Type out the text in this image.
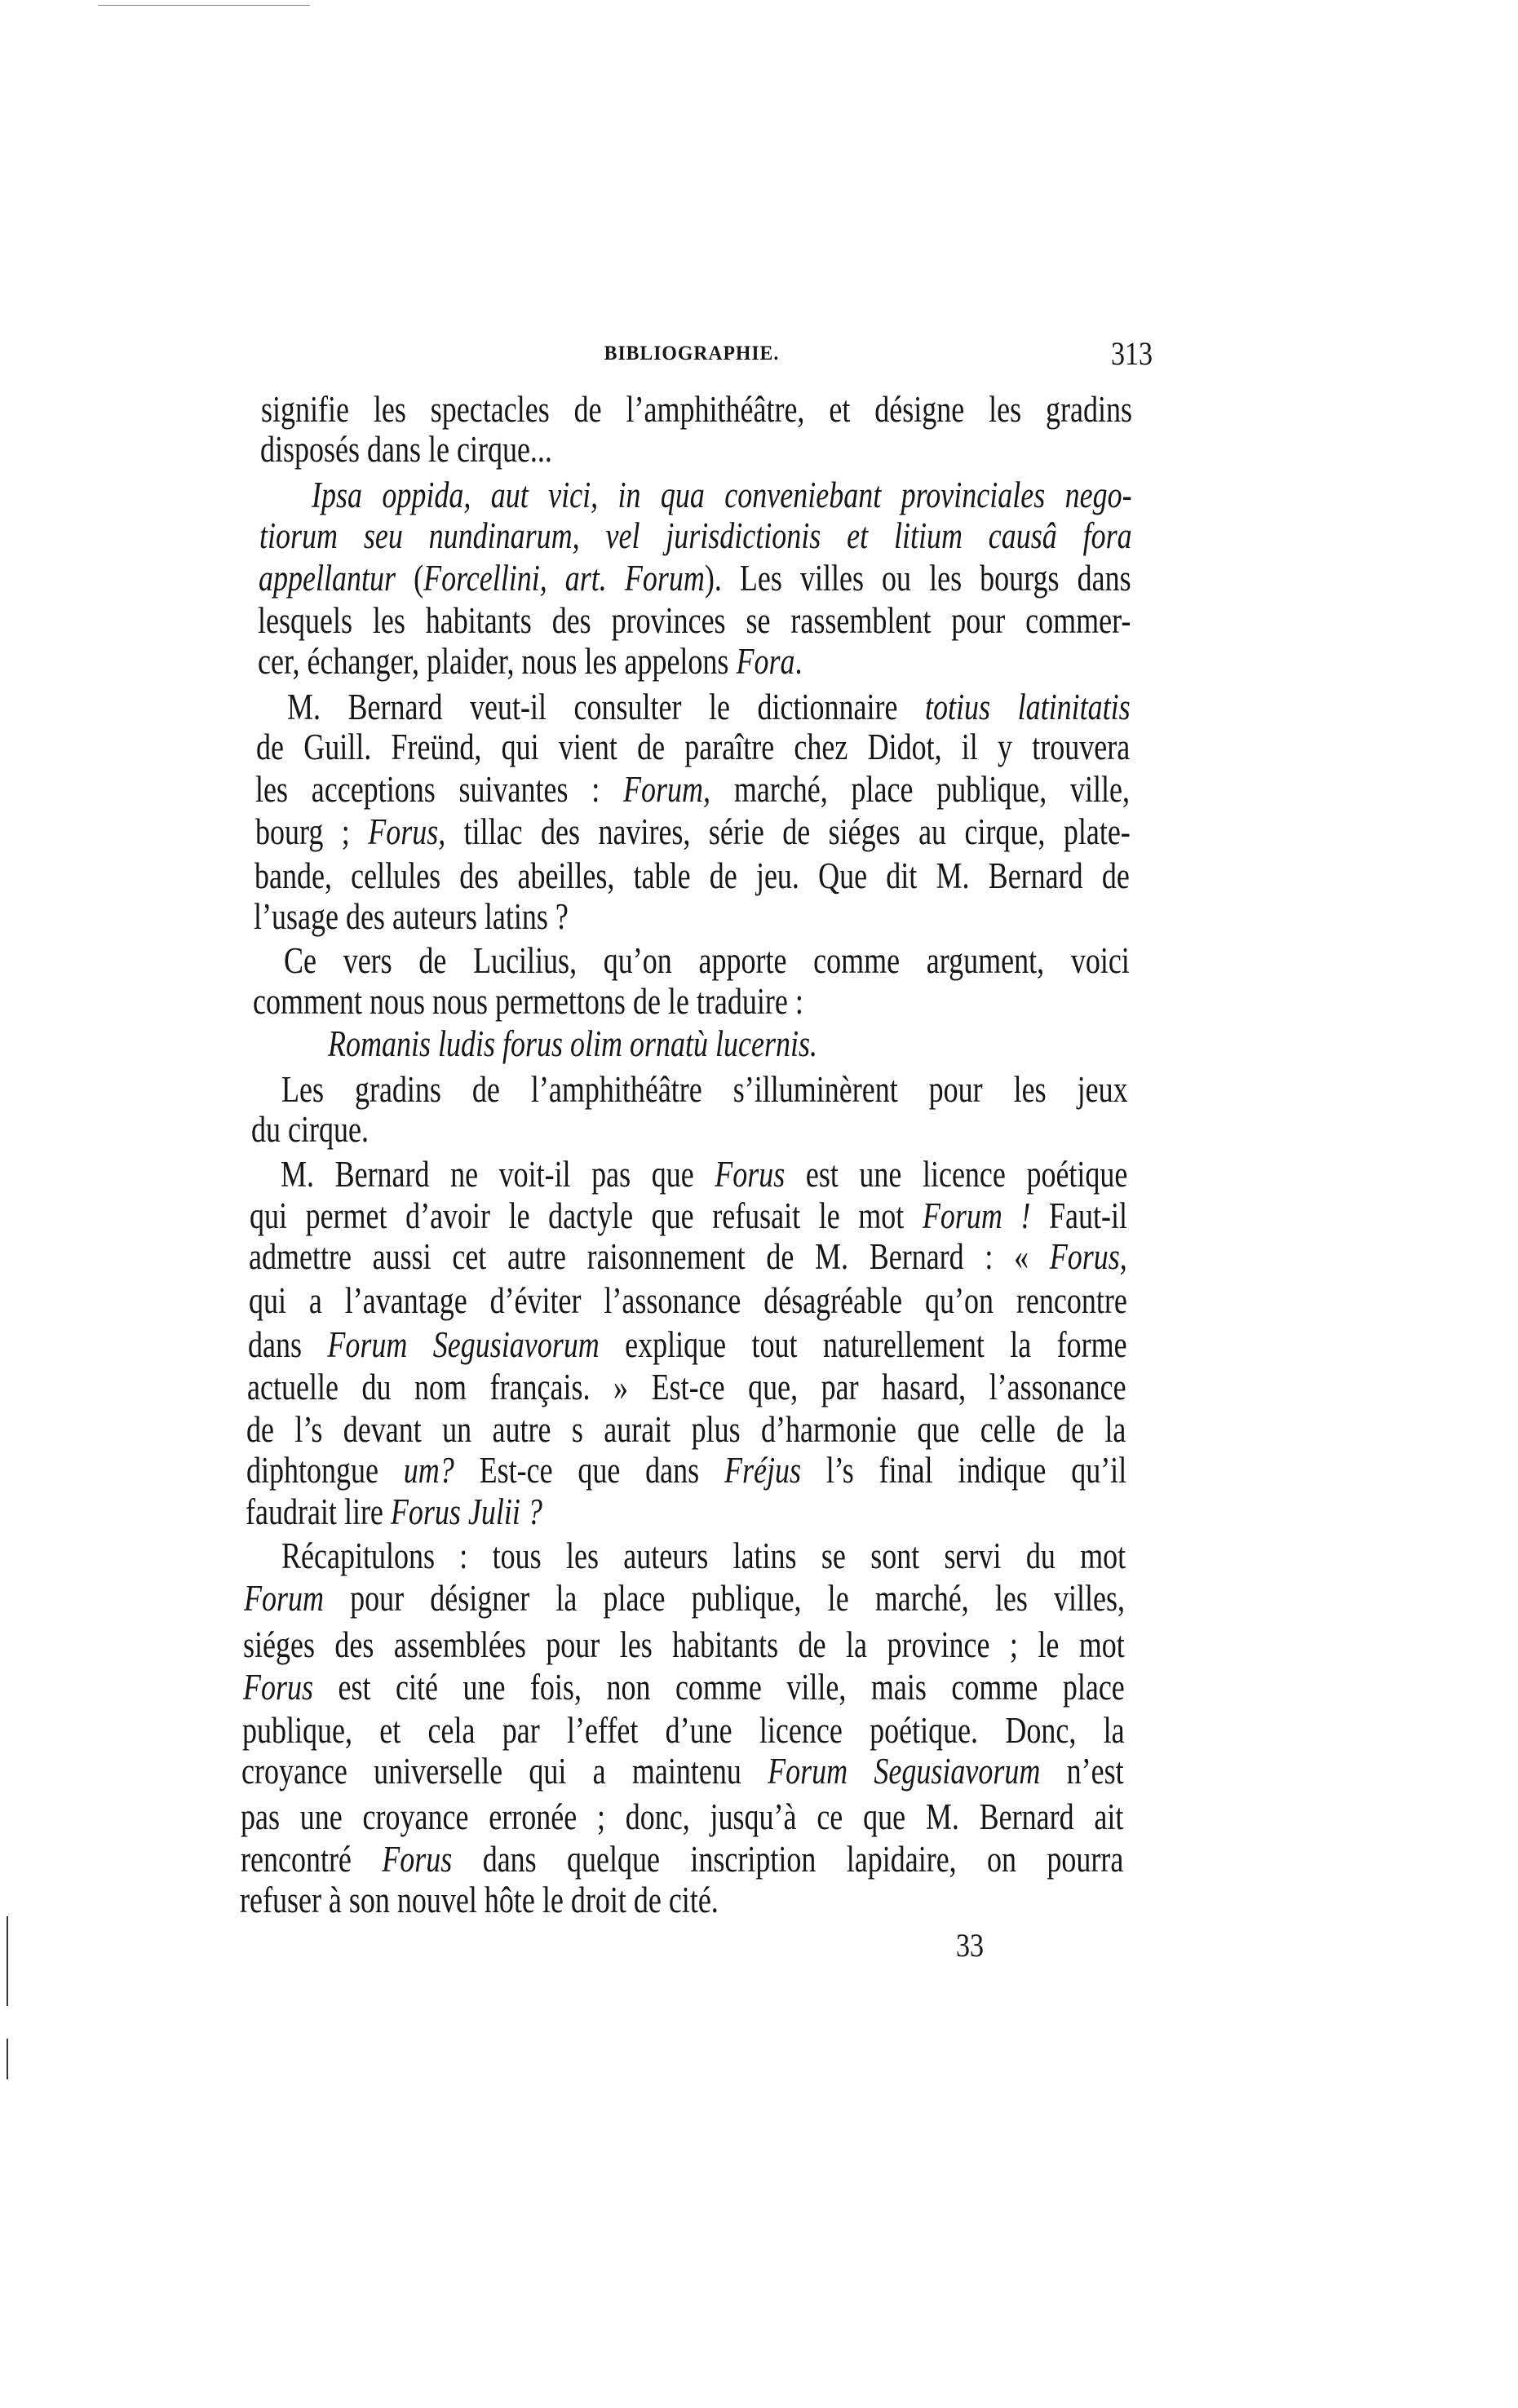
BIBLIOGRAPHIE.	313
signifie les spectacles de l’amphithéâtre, et désigne les gradins
disposés dans le cirque...
Ipsa oppida, aut vici, in qua conveniebant provinciales nego-
tiorum seu nundinarum, vel jurisdictionis et litium causâ fora
appellantur (Forcellini, art. Forum). Les villes ou les bourgs dans
lesquels les habitants des provinces se rassemblent pour commer-
cer, échanger, plaider, nous les appelons Fora.
M. Bernard veut-il consulter le dictionnaire totius latinitatis
de Guill. Freünd, qui vient de paraître chez Didot, il y trouvera
les acceptions suivantes : Forum, marché, place publique, ville,
bourg ; Forus, tillac des navires, série de siéges au cirque, plate-
bande, cellules des abeilles, table de jeu. Que dit M. Bernard de
l’usage des auteurs latins ?
Ce vers de Lucilius, qu’on apporte comme argument, voici
comment nous nous permettons de le traduire :
Romanis ludis forus olim ornatù lucernis.
Les gradins de l’amphithéâtre s’illuminèrent pour les jeux
du cirque.
M. Bernard ne voit-il pas que Forus est une licence poétique
qui permet d’avoir le dactyle que refusait le mot Forum ! Faut-il
admettre aussi cet autre raisonnement de M. Bernard : « Forus,
qui a l’avantage d’éviter l’assonance désagréable qu’on rencontre
dans Forum Segusiavorum explique tout naturellement la forme
actuelle du nom français. » Est-ce que, par hasard, l’assonance
de l’s devant un autre s aurait plus d’harmonie que celle de la
diphtongue um? Est-ce que dans Fréjus l’s final indique qu’il
faudrait lire Forus Julii ?
Récapitulons : tous les auteurs latins se sont servi du mot
Forum pour désigner la place publique, le marché, les villes,
siéges des assemblées pour les habitants de la province ; le mot
Forus est cité une fois, non comme ville, mais comme place
publique, et cela par l’effet d’une licence poétique. Donc, la
croyance universelle qui a maintenu Forum Segusiavorum n’est
pas une croyance erronée ; donc, jusqu’à ce que M. Bernard ait
rencontré Forus dans quelque inscription lapidaire, on pourra
refuser à son nouvel hôte le droit de cité.
33
